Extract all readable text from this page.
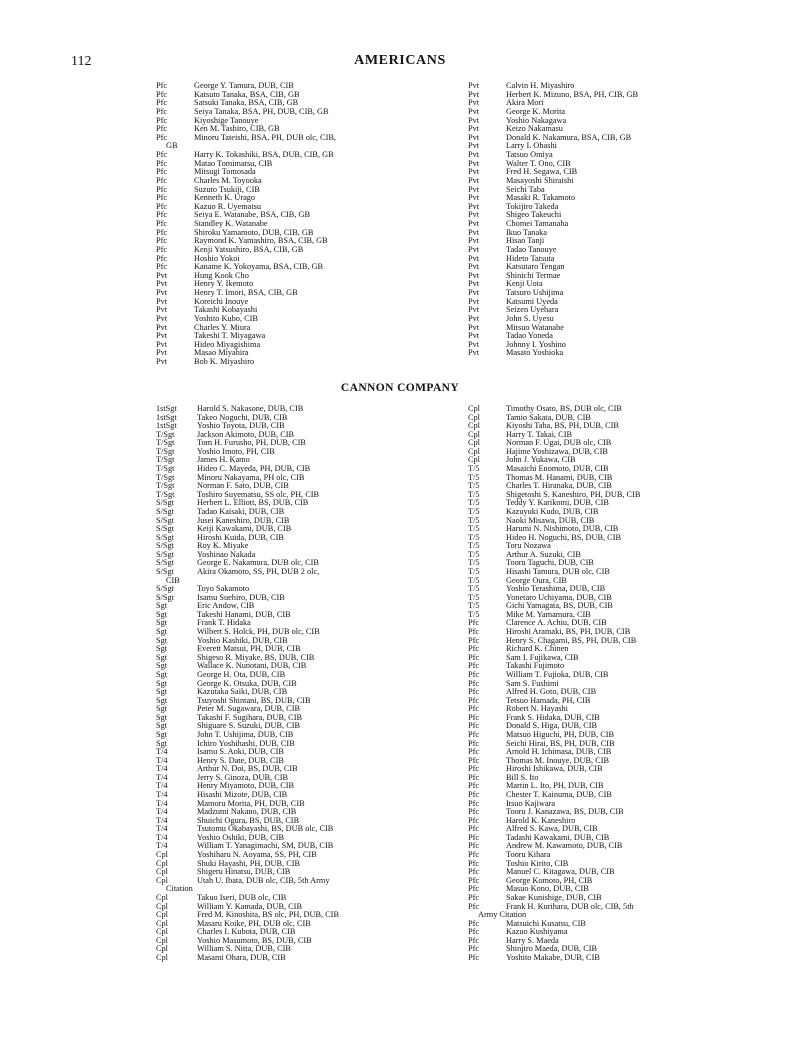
112	AMERICANS
Pfc	George Y. Tamura, DUB, CIB
Pfc	Katsuto Tanaka, BSA, CIB, GB
Pfc	Satsuki Tanaka, BSA, CIB, GB
Pfc	Seiya Tanaka, BSA, PH, DUB, CIB, GB
Pfc	Kiyoshige Tanouye
Pfc	Ken M. Tashiro, CIB, GB
Pfc	Minoru Tateishi, BSA, PH, DUB olc, CIB,
GB
Pfc	Harry K. Tokashiki, BSA, DUB, CIB, GB
Pfc	Matao Tomimatsu, CIB
Pfc	Mitsugi Tomosada
Pfc	Charles M. Toyooka
Pfc	Suzuto Tsukiji, CIB
Pfc	Kenneth K. Urago
Pfc	Kazuo R. Uyematsu
Pfc	Seiya E. Watanabe, BSA, CIB, GB
Pfc	Standley K. Watanabe
Pfc	Shiroku Yamamoto, DUB, CIB, GB
Pfc	Raymond K. Yamashiro, BSA, CIB, GB
Pfc	Kenji Yatsushiro, BSA, CIB, GB
Pfc	Hoshio Yokoi
Pfc	Kaname K. Yokoyama, BSA, CIB, GB
Pvt	Hung Kook Cho
Pvt	Henry Y. Ikemoto
Pvt	Henry T. Imori, BSA, CIB, GB
Pvt	Koreichi Inouye
Pvt	Takashi Kobayashi
Pvt	Yoshito Kubo, CIB
Pvt	Charles Y. Miura
Pvt	Takeshi T. Miyagawa
Pvt	Hideo Miyagishima
Pvt	Masao Miyahira
Pvt	Bob K. Miyashiro
Pvt	Calvin H. Miyashiro
Pvt	Herbert K. Mizuno, BSA, PH, CIB, GB
Pvt	Akira Mori
Pvt	George K. Morita
Pvt	Yoshio Nakagawa
Pvt	Keizo Nakamasu
Pvt	Donald K. Nakamura, BSA, CIB, GB
Pvt	Larry I. Ohashi
Pvt	Tatsuo Omiya
Pvt	Walter T. Ono, CIB
Pvt	Fred H. Segawa, CIB
Pvt	Masayoshi Shiraishi
Pvt	Seichi Taba
Pvt	Masaki R. Takamoto
Pvt	Tokijiro Takeda
Pvt	Shigeo Takeuchi
Pvt	Chomei Tamanaha
Pvt	Ikuo Tanaka
Pvt	Hisao Tanji
Pvt	Tadao Tanouye
Pvt	Hideto Tatsuta
Pvt	Katsutaro Tengan
Pvt	Shinichi Termae
Pvt	Kenji Uota
Pvt	Tatsuro Ushijima
Pvt	Katsumi Uyeda
Pvt	Seizen Uyehara
Pvt	John S. Uyesu
Pvt	Mitsuo Watanabe
Pvt	Tadao Yoneda
Pvt	Johnny I. Yoshino
Pvt	Masato Yoshioka
CANNON COMPANY
1stSgt Harold S. Nakasone, DUB, CIB
1stSgt Takeo Noguchi, DUB, CIB
1stSgt Yoshio Toyota, DUB, CIB
T/Sgt	Jackson Akimoto, DUB, CIB
T/Sgt	Tom H. Furusho, PH, DUB, CIB
T/Sgt	Yoshio Imoto, PH, CIB
T/Sgt	James H. Kamo
T/Sgt	Hideo C. Mayeda, PH, DUB, CIB
T/Sgt	Minoru Nakayama, PH olc, CIB
T/Sgt	Norman F. Sato, DUB, CIB
T/Sgt	Toshiro Suyematsu, SS olc, PH, CIB
S/Sgt	Herbert L. Elliott, BS, DUB, CIB
S/Sgt	Tadao Kaisaki, DUB, CIB
S/Sgt	Jusei Kaneshiro, DUB, CIB
S/Sgt	Keiji Kawakami, DUB, CIB
S/Sgt	Hiroshi Kuida, DUB, CIB
S/Sgt	Roy K. Miyake
S/Sgt	Yoshinao Nakada
S/Sgt	George E. Nakamura, DUB olc, CIB
S/Sgt	Akira Okamoto, SS, PH, DUB 2 olc,
CIB
S/Sgt	Toyo Sakamoto
S/Sgt	Isamu Suehiro, DUB, CIB
Sgt	Eric Andow, CIB
Sgt	Takeshi Hanami, DUB, CIB
Sgt	Frank T. Hidaka
Sgt	Wilbert S. Holck, PH, DUB olc, CIB
Sgt	Yoshio Kashiki, DUB, CIB
Sgt	Everett Matsui, PH, DUB, CIB
Sgt	Shigeso R. Miyake, BS, DUB, CIB
Sgt	Wallace K. Nunotani, DUB, CIB
Sgt	George H. Ota, DUB, CIB
Sgt	George K. Otsuka, DUB, CIB
Sgt	Kazutaka Saiki, DUB, CIB
Sgt	Tsuyoshi Shintani, BS, DUB, CIB
Sgt	Peter M. Sugawara, DUB, CIB
Sgt	Takashi F. Sugihara, DUB, CIB
Sgt	Shiguare S. Suzuki, DUB, CIB
Sgt	John T. Ushijima, DUB, CIB
Sgt	Ichiro Yoshihashi, DUB, CIB
T/4	Isamu S. Aoki, DUB, CIB
T/4	Henry S. Date, DUB, CIB
T/4	Arthur N. Doi, BS, DUB, CIB
T/4	Jerry S. Ginoza, DUB, CIB
T/4	Henry Miyamoto, DUB, CIB
T/4	Hisashi Mizote, DUB, CIB
T/4	Mamoru Morita, PH, DUB, CIB
T/4	Madzumi Nakano, DUB, CIB
T/4	Shuichi Ogura, BS, DUB, CIB
T/4	Tsutomu Okabayashi, BS, DUB olc, CIB
T/4	Yoshio Oshiki, DUB, CIB
T/4	William T. Yanagimachi, SM, DUB, CIB
Cpl	Yoshiharu N. Aoyama, SS, PH, CIB
Cpl	Shuki Hayashi, PH, DUB, CIB
Cpl	Shigeru Hinatsu, DUB, CIB
Cpl	Utah U. Ibata, DUB olc, CIB, 5th Army
Citation
Cpl	Takuo Iseri, DUB olc, CIB
Cpl	William Y. Kamada, DUB, CIB
Cpl	Fred M. Kinoshita, BS olc, PH, DUB, CIB
Cpl	Masaru Koike, PH, DUB olc, CIB
Cpl	Charles I. Kubota, DUB, CIB
Cpl	Yoshio Masumoto, BS, DUB, CIB
Cpl	William S. Nitta, DUB, CIB
Cpl	Masami Ohara, DUB, CIB
Cpl	Timothy Osato, BS, DUB olc, CIB
Cpl	Tamio Sakata, DUB, CIB
Cpl	Kiyoshi Taba, BS, PH, DUB, CIB
Cpl	Harry T. Takai, CIB
Cpl	Norman F. Ugai, DUB olc, CIB
Cpl	Hajime Yoshizawa, DUB, CIB
Cpl	John J. Yukawa, CIB
T/5	Masaichi Enomoto, DUB, CIB
T/5	Thomas M. Hanami, DUB, CIB
T/5	Charles T. Hiranaka, DUB, CIB
T/5	Shigetoshi S. Kaneshiro, PH, DUB, CIB
T/5	Teddy Y. Karikomi, DUB, CIB
T/5	Kazuyuki Kudo, DUB, CIB
T/5	Naoki Misawa, DUB, CIB
T/5	Harumi N. Nishimoto, DUB, CIB
T/5	Hideo H. Noguchi, BS, DUB, CIB
T/5	Toru Nozawa
T/5	Arthur A. Suzuki, CIB
T/5	Tooru Taguchi, DUB, CIB
T/5	Hisashi Tamura, DUB olc, CIB
T/5	George Oura, CIB
T/5	Yoshio Terashima, DUB, CIB
T/5	Yonetaro Uchiyama, DUB, CIB
T/5	Gichi Yamagata, BS, DUB, CIB
T/5	Mike M. Yamamura, CIB
Pfc	Clarence A. Achiu, DUB, CIB
Pfc	Hiroshi Aramaki, BS, PH, DUB, CIB
Pfc	Henry S. Chagami, BS, PH, DUB, CIB
Pfc	Richard K. Chinen
Pfc	Sam I. Fujikawa, CIB
Pfc	Takashi Fujimoto
Pfc	William T. Fujioka, DUB, CIB
Pfc	Sam S. Fushimi
Pfc	Alfred H. Goto, DUB, CIB
Pfc	Tetsuo Hamada, PH, CIB
Pfc	Robert N. Hayashi
Pfc	Frank S. Hidaka, DUB, CIB
Pfc	Donald S. Higa, DUB, CIB
Pfc	Matsuo Higuchi, PH, DUB, CIB
Pfc	Seichi Hirai, BS, PH, DUB, CIB
Pfc	Arnold H. Ichimasa, DUB, CIB
Pfc	Thomas M. Inouye, DUB, CIB
Pfc	Hiroshi Ishikawa, DUB, CIB
Pfc	Bill S. Ito
Pfc	Martin L. Ito, PH, DUB, CIB
Pfc	Chester T. Kainuma, DUB, CIB
Pfc	Itsuo Kajiwara
Pfc	Tooru J. Kanazawa, BS, DUB, CIB
Pfc	Harold K. Kaneshiro
Pfc	Alfred S. Kawa, DUB, CIB
Pfc	Tadashi Kawakami, DUB, CIB
Pfc	Andrew M. Kawamoto, DUB, CIB
Pfc	Tooru Kihara
Pfc	Toshio Kirito, CIB
Pfc	Manuel C. Kitagawa, DUB, CIB
Pfc	George Komoto, PH, CIB
Pfc	Masuo Kono, DUB, CIB
Pfc	Sakae Kunishige, DUB, CIB
Pfc	Frank H. Kurihara, DUB olc, CIB, 5th
Army Citation
Pfc	Matsuichi Kusatsu, CIB
Pfc	Kazuo Kushiyama
Pfc	Harry S. Maeda
Pfc	Shinjiro Maeda, DUB, CIB
Pfc	Yoshito Makabe, DUB, CIB
